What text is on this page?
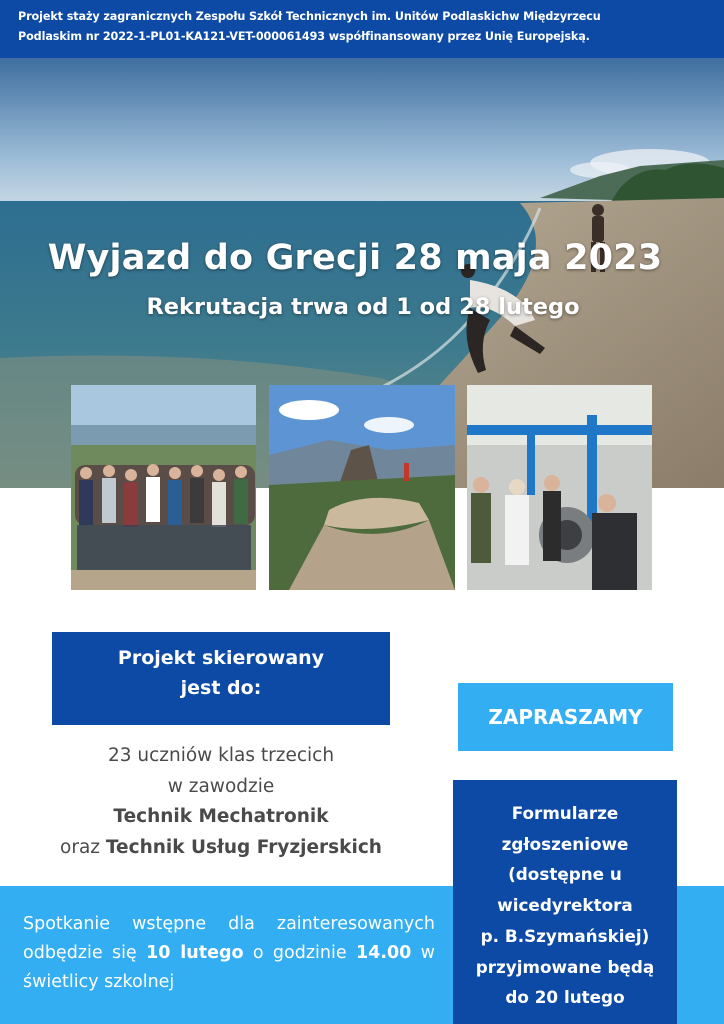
Projekt staży zagranicznych Zespołu Szkół Technicznych im. Unitów Podlaskichw Międzyrzecu

Podlaskim nr 2022-1-PL01-KA121-VET-000061493 współfinansowany przez Unię Europejską.

Wyjazd do Grecji 28 maja 2023
Rekrutacja trwa od 1 od 28 lutego
Projekt skierowany
jest do:
ZAPRASZAMY
23 uczniów klas trzecich
w zawodzie
Technik Mechatronik
oraz Technik Usług Fryzjerskich
Spotkanie wstępne dla zainteresowanych odbędzie się 10 lutego o godzinie 14.00 w świetlicy szkolnej
Formularze
zgłoszeniowe
(dostępne u
wicedyrektora
p. B.Szymańskiej)
przyjmowane będą
do 20 lutego
